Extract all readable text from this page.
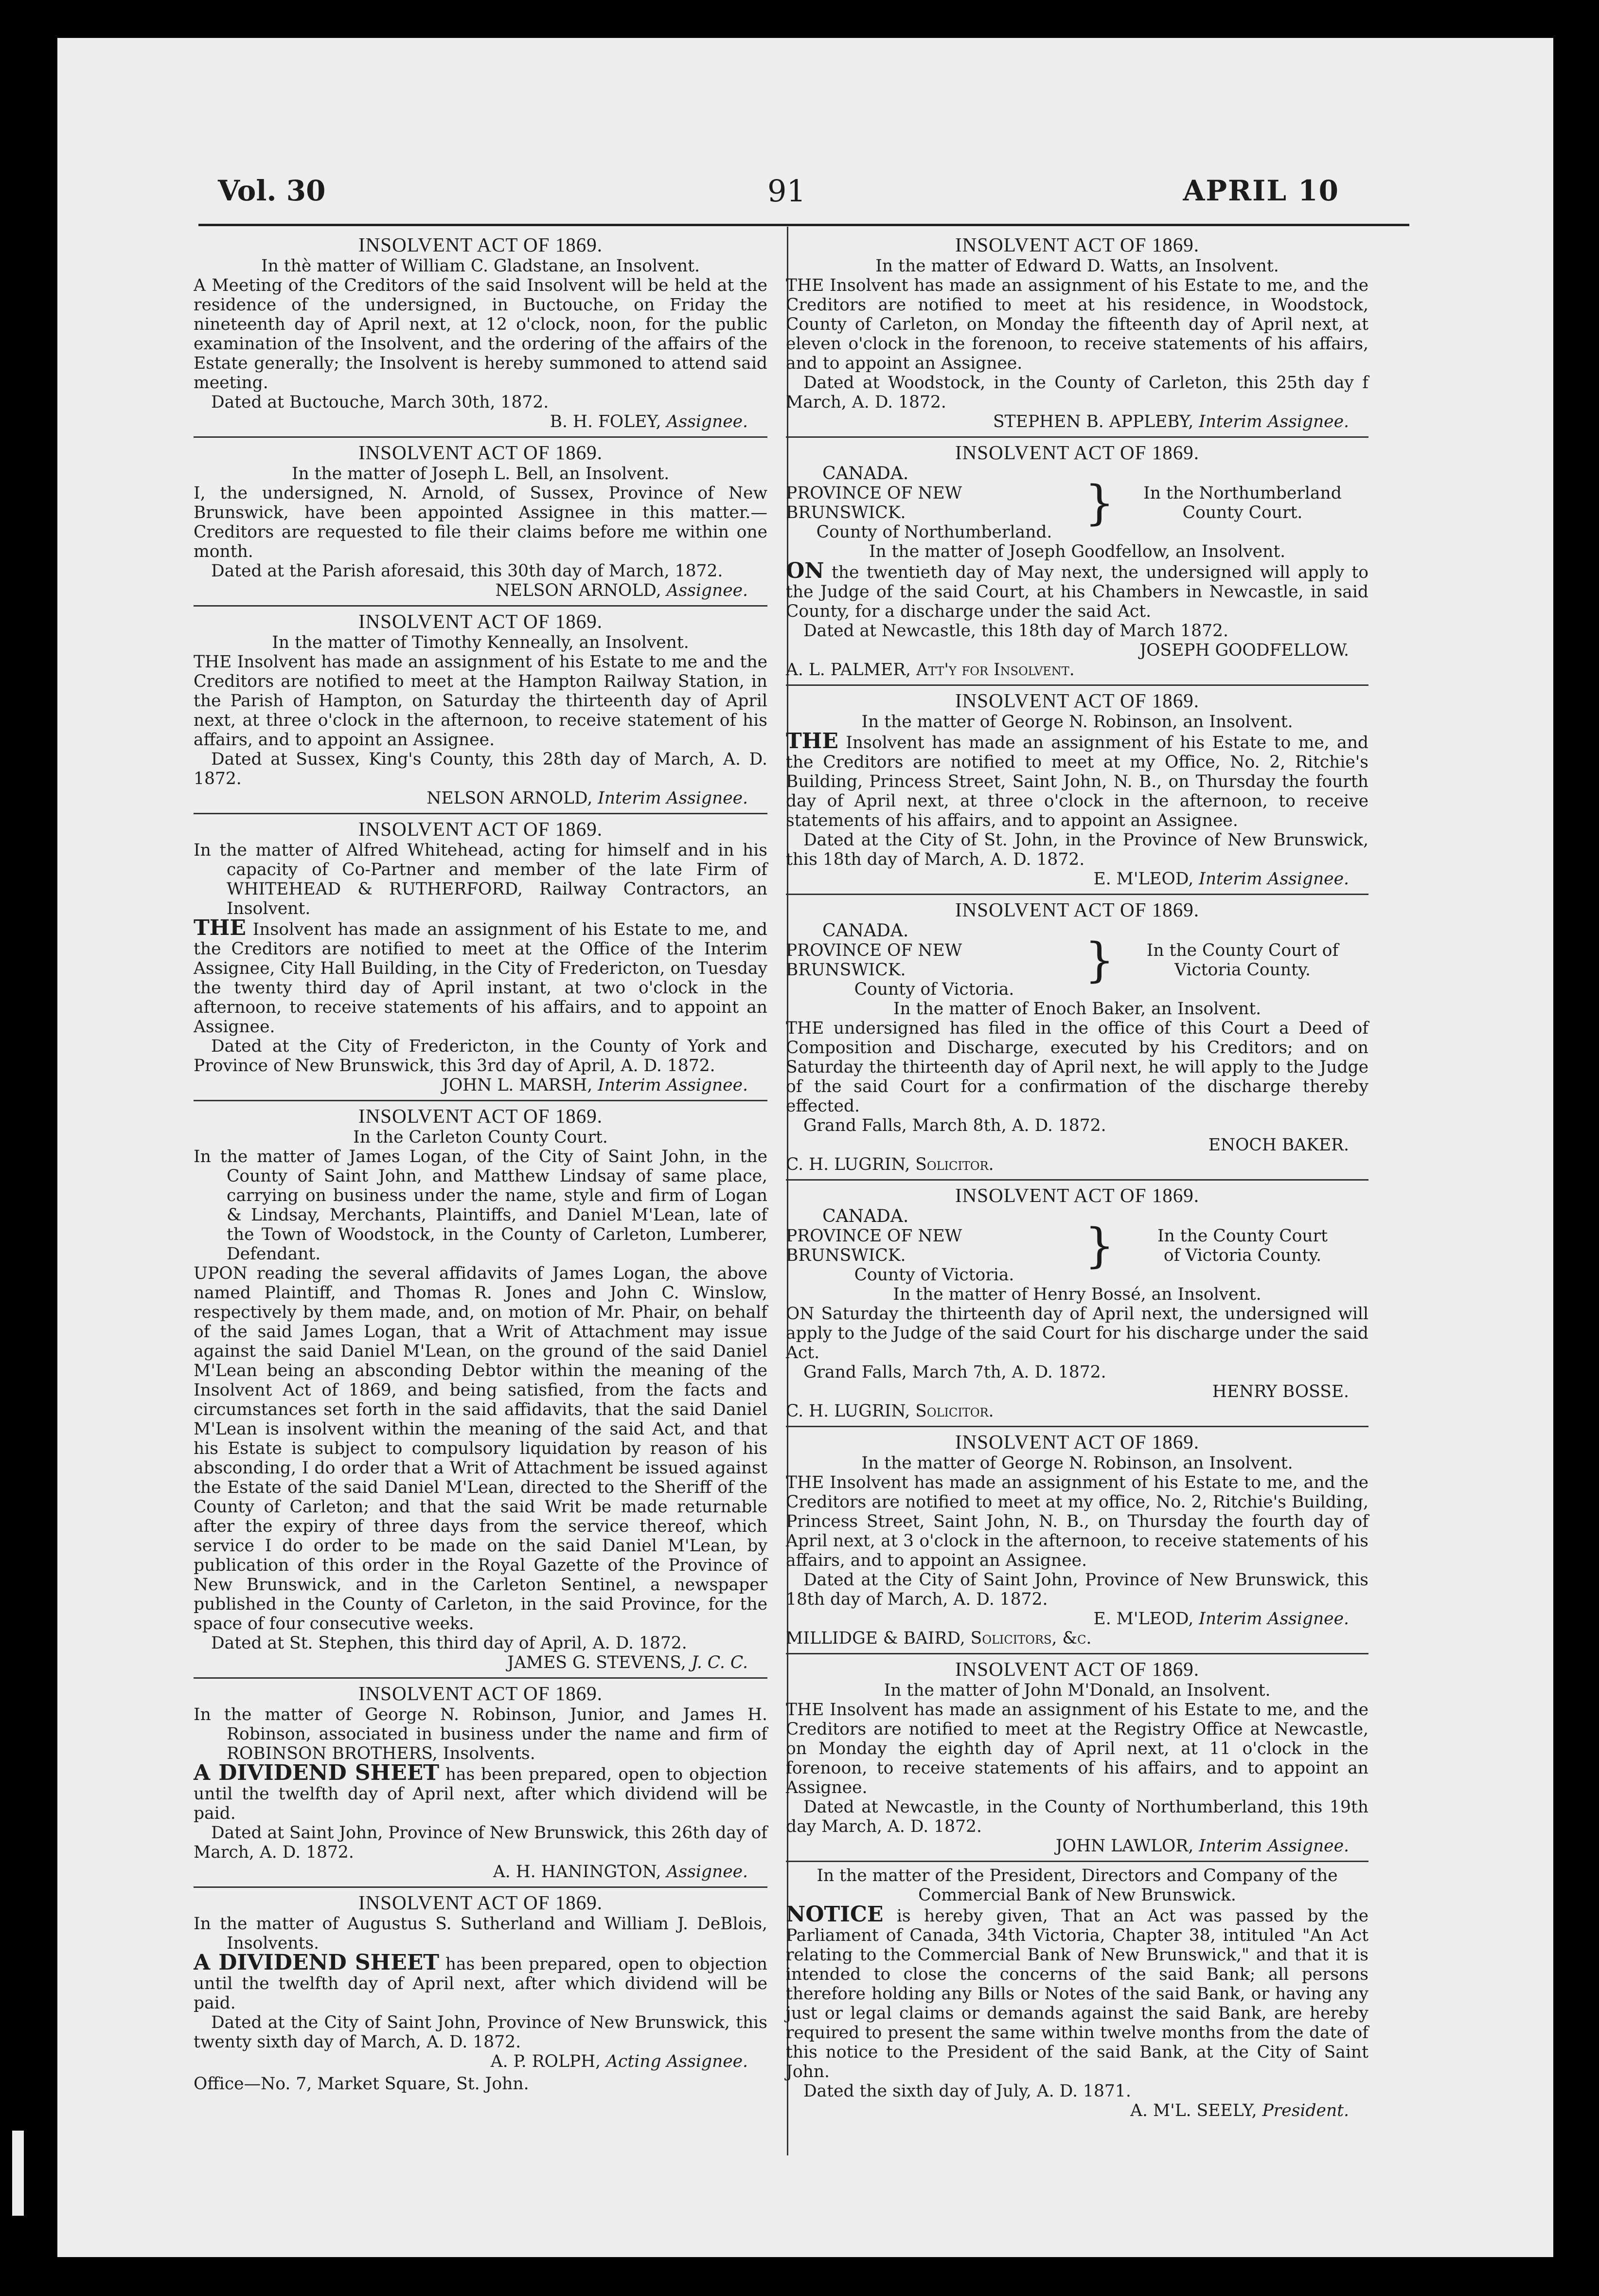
Vol. 30	91	APRIL 10
INSOLVENT ACT OF 1869.
In thè matter of William C. Gladstane, an Insolvent.

A Meeting of the Creditors of the said Insolvent will be held at the residence of the undersigned, in Buctouche, on Friday the nineteenth day of April next, at 12 o'clock, noon, for the public examination of the Insolvent, and the ordering of the affairs of the Estate generally; the Insolvent is hereby summoned to attend said meeting.

Dated at Buctouche, March 30th, 1872.

B. H. FOLEY, Assignee.
INSOLVENT ACT OF 1869.
In the matter of Joseph L. Bell, an Insolvent.

I, the undersigned, N. Arnold, of Sussex, Province of New Brunswick, have been appointed Assignee in this matter.—Creditors are requested to file their claims before me within one month.

Dated at the Parish aforesaid, this 30th day of March, 1872.

NELSON ARNOLD, Assignee.
INSOLVENT ACT OF 1869.
In the matter of Timothy Kenneally, an Insolvent.

THE Insolvent has made an assignment of his Estate to me and the Creditors are notified to meet at the Hampton Railway Station, in the Parish of Hampton, on Saturday the thirteenth day of April next, at three o'clock in the afternoon, to receive statement of his affairs, and to appoint an Assignee.

Dated at Sussex, King's County, this 28th day of March, A. D. 1872.

NELSON ARNOLD, Interim Assignee.
INSOLVENT ACT OF 1869.

In the matter of Alfred Whitehead, acting for himself and in his capacity of Co-Partner and member of the late Firm of WHITEHEAD & RUTHERFORD, Railway Contractors, an Insolvent.

THE Insolvent has made an assignment of his Estate to me, and the Creditors are notified to meet at the Office of the Interim Assignee, City Hall Building, in the City of Fredericton, on Tuesday the twenty third day of April instant, at two o'clock in the afternoon, to receive statements of his affairs, and to appoint an Assignee.

Dated at the City of Fredericton, in the County of York and Province of New Brunswick, this 3rd day of April, A. D. 1872.

JOHN L. MARSH, Interim Assignee.
INSOLVENT ACT OF 1869.
In the Carleton County Court.

In the matter of James Logan, of the City of Saint John, in the County of Saint John, and Matthew Lindsay of same place, carrying on business under the name, style and firm of Logan & Lindsay, Merchants, Plaintiffs, and Daniel M'Lean, late of the Town of Woodstock, in the County of Carleton, Lumberer, Defendant.

UPON reading the several affidavits of James Logan, the above named Plaintiff, and Thomas R. Jones and John C. Winslow, respectively by them made, and, on motion of Mr. Phair, on behalf of the said James Logan, that a Writ of Attachment may issue against the said Daniel M'Lean, on the ground of the said Daniel M'Lean being an absconding Debtor within the meaning of the Insolvent Act of 1869, and being satisfied, from the facts and circumstances set forth in the said affidavits, that the said Daniel M'Lean is insolvent within the meaning of the said Act, and that his Estate is subject to compulsory liquidation by reason of his absconding, I do order that a Writ of Attachment be issued against the Estate of the said Daniel M'Lean, directed to the Sheriff of the County of Carleton; and that the said Writ be made returnable after the expiry of three days from the service thereof, which service I do order to be made on the said Daniel M'Lean, by publication of this order in the Royal Gazette of the Province of New Brunswick, and in the Carleton Sentinel, a newspaper published in the County of Carleton, in the said Province, for the space of four consecutive weeks.

Dated at St. Stephen, this third day of April, A. D. 1872.

JAMES G. STEVENS, J. C. C.
INSOLVENT ACT OF 1869.

In the matter of George N. Robinson, Junior, and James H. Robinson, associated in business under the name and firm of ROBINSON BROTHERS, Insolvents.

A DIVIDEND SHEET has been prepared, open to objection until the twelfth day of April next, after which dividend will be paid.

Dated at Saint John, Province of New Brunswick, this 26th day of March, A. D. 1872.

A. H. HANINGTON, Assignee.
INSOLVENT ACT OF 1869.

In the matter of Augustus S. Sutherland and William J. DeBlois, Insolvents.

A DIVIDEND SHEET has been prepared, open to objection until the twelfth day of April next, after which dividend will be paid.

Dated at the City of Saint John, Province of New Brunswick, this twenty sixth day of March, A. D. 1872.

A. P. ROLPH, Acting Assignee.
Office—No. 7, Market Square, St. John.
INSOLVENT ACT OF 1869.
In the matter of Edward D. Watts, an Insolvent.

THE Insolvent has made an assignment of his Estate to me, and the Creditors are notified to meet at his residence, in Woodstock, County of Carleton, on Monday the fifteenth day of April next, at eleven o'clock in the forenoon, to receive statements of his affairs, and to appoint an Assignee.

Dated at Woodstock, in the County of Carleton, this 25th day f March, A. D. 1872.

STEPHEN B. APPLEBY, Interim Assignee.
INSOLVENT ACT OF 1869.
CANADA.
PROVINCE OF NEW BRUNSWICK.
County of Northumberland.
}	In the Northumberland
County Court.
In the matter of Joseph Goodfellow, an Insolvent.

ON the twentieth day of May next, the undersigned will apply to the Judge of the said Court, at his Chambers in Newcastle, in said County, for a discharge under the said Act.

Dated at Newcastle, this 18th day of March 1872.

JOSEPH GOODFELLOW.
A. L. PALMER, Att'y for Insolvent.
INSOLVENT ACT OF 1869.
In the matter of George N. Robinson, an Insolvent.

THE Insolvent has made an assignment of his Estate to me, and the Creditors are notified to meet at my Office, No. 2, Ritchie's Building, Princess Street, Saint John, N. B., on Thursday the fourth day of April next, at three o'clock in the afternoon, to receive statements of his affairs, and to appoint an Assignee.

Dated at the City of St. John, in the Province of New Brunswick, this 18th day of March, A. D. 1872.

E. M'LEOD, Interim Assignee.
INSOLVENT ACT OF 1869.
CANADA.
PROVINCE OF NEW BRUNSWICK.
County of Victoria.
}	In the County Court of
Victoria County.
In the matter of Enoch Baker, an Insolvent.

THE undersigned has filed in the office of this Court a Deed of Composition and Discharge, executed by his Creditors; and on Saturday the thirteenth day of April next, he will apply to the Judge of the said Court for a confirmation of the discharge thereby effected.

Grand Falls, March 8th, A. D. 1872.

ENOCH BAKER.
C. H. LUGRIN, Solicitor.
INSOLVENT ACT OF 1869.
CANADA.
PROVINCE OF NEW BRUNSWICK.
County of Victoria.
}	In the County Court
of Victoria County.
In the matter of Henry Bossé, an Insolvent.

ON Saturday the thirteenth day of April next, the undersigned will apply to the Judge of the said Court for his discharge under the said Act.

Grand Falls, March 7th, A. D. 1872.

HENRY BOSSE.
C. H. LUGRIN, Solicitor.
INSOLVENT ACT OF 1869.
In the matter of George N. Robinson, an Insolvent.

THE Insolvent has made an assignment of his Estate to me, and the Creditors are notified to meet at my office, No. 2, Ritchie's Building, Princess Street, Saint John, N. B., on Thursday the fourth day of April next, at 3 o'clock in the afternoon, to receive statements of his affairs, and to appoint an Assignee.

Dated at the City of Saint John, Province of New Brunswick, this 18th day of March, A. D. 1872.

E. M'LEOD, Interim Assignee.
MILLIDGE & BAIRD, Solicitors, &c.
INSOLVENT ACT OF 1869.
In the matter of John M'Donald, an Insolvent.

THE Insolvent has made an assignment of his Estate to me, and the Creditors are notified to meet at the Registry Office at Newcastle, on Monday the eighth day of April next, at 11 o'clock in the forenoon, to receive statements of his affairs, and to appoint an Assignee.

Dated at Newcastle, in the County of Northumberland, this 19th day March, A. D. 1872.

JOHN LAWLOR, Interim Assignee.
In the matter of the President, Directors and Company of the Commercial Bank of New Brunswick.

NOTICE is hereby given, That an Act was passed by the Parliament of Canada, 34th Victoria, Chapter 38, intituled "An Act relating to the Commercial Bank of New Brunswick," and that it is intended to close the concerns of the said Bank; all persons therefore holding any Bills or Notes of the said Bank, or having any just or legal claims or demands against the said Bank, are hereby required to present the same within twelve months from the date of this notice to the President of the said Bank, at the City of Saint John.

Dated the sixth day of July, A. D. 1871.

A. M'L. SEELY, President.
